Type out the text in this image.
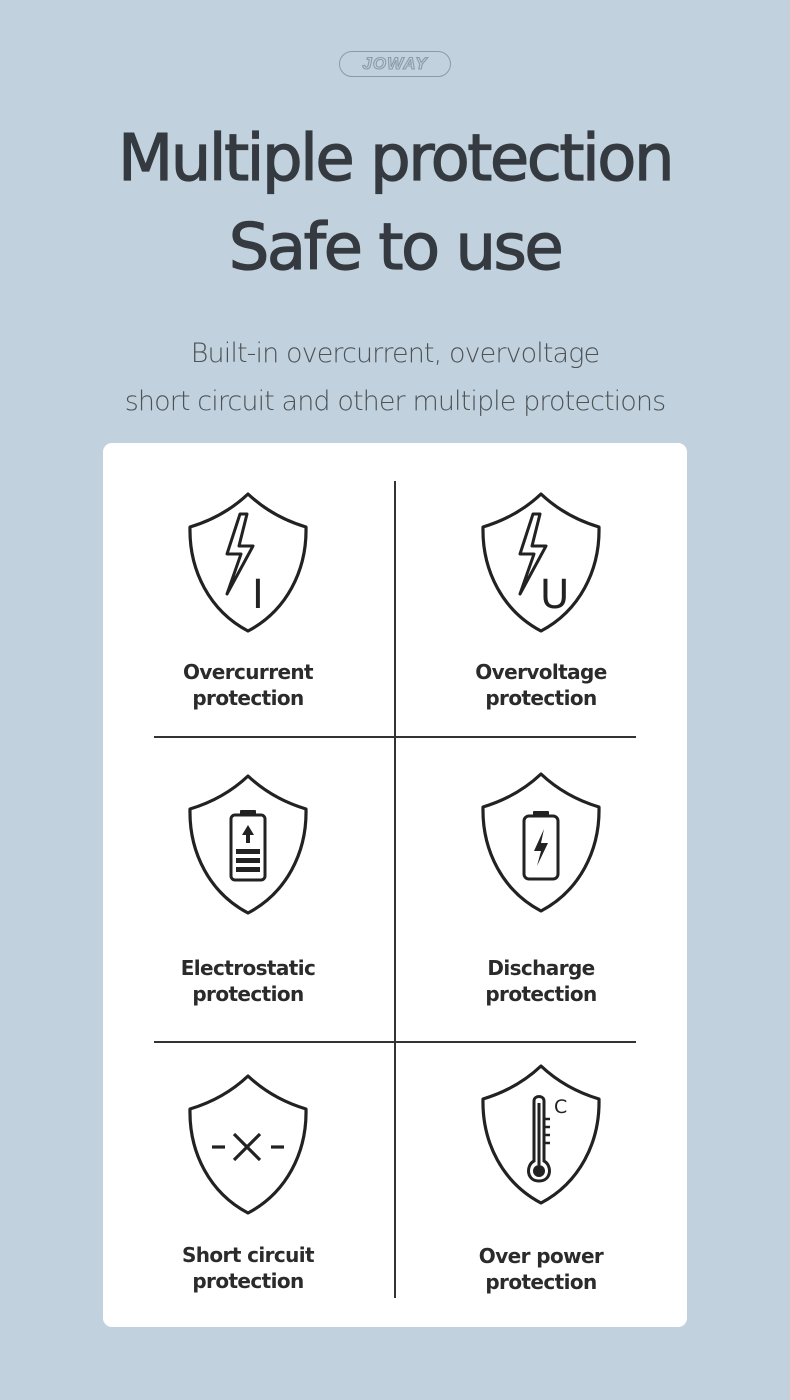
JOWAY
Multiple protection
Safe to use
Built-in overcurrent, overvoltage
short circuit and other multiple protections
I
Overcurrent
protection
U
Overvoltage
protection
Electrostatic
protection
Discharge
protection
Short circuit
protection
C
Over power
protection
